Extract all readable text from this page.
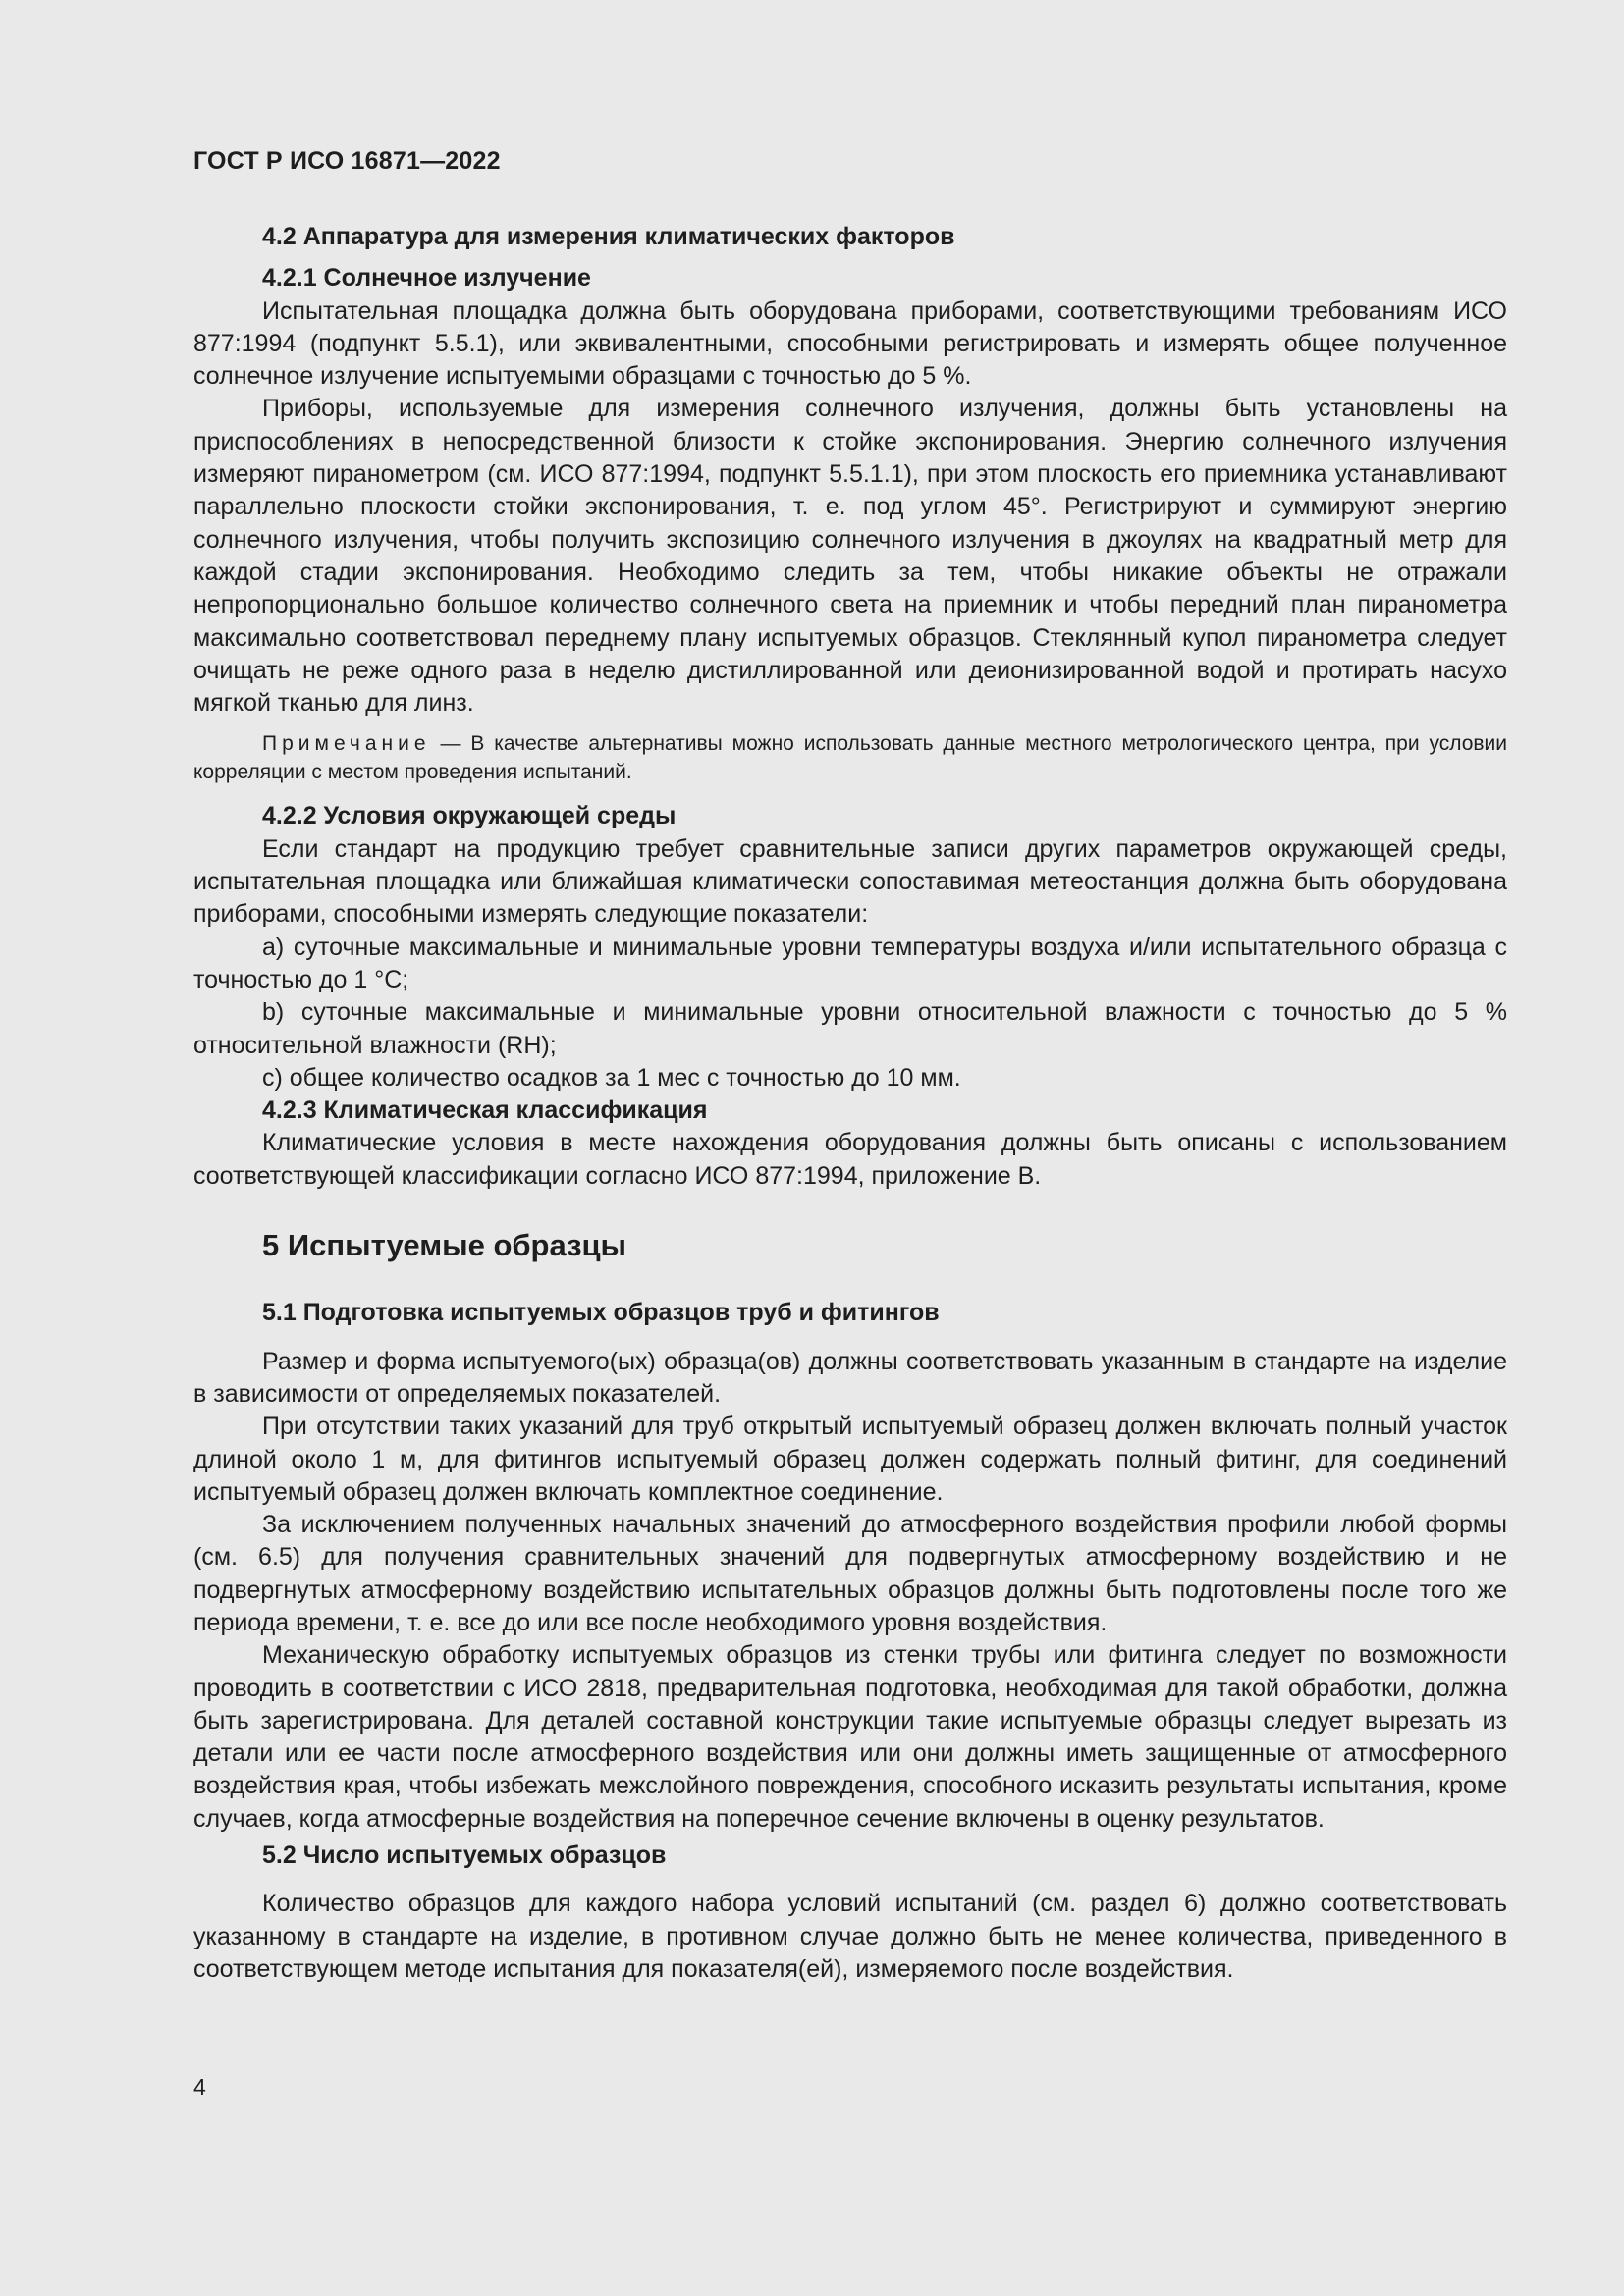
ГОСТ Р ИСО 16871—2022
4.2 Аппаратура для измерения климатических факторов
4.2.1 Солнечное излучение

Испытательная площадка должна быть оборудована приборами, соответствующими требованиям ИСО 877:1994 (подпункт 5.5.1), или эквивалентными, способными регистрировать и измерять общее полученное солнечное излучение испытуемыми образцами с точностью до 5 %.

Приборы, используемые для измерения солнечного излучения, должны быть установлены на приспособлениях в непосредственной близости к стойке экспонирования. Энергию солнечного излучения измеряют пиранометром (см. ИСО 877:1994, подпункт 5.5.1.1), при этом плоскость его приемника устанавливают параллельно плоскости стойки экспонирования, т. е. под углом 45°. Регистрируют и суммируют энергию солнечного излучения, чтобы получить экспозицию солнечного излучения в джоулях на квадратный метр для каждой стадии экспонирования. Необходимо следить за тем, чтобы никакие объекты не отражали непропорционально большое количество солнечного света на приемник и чтобы передний план пиранометра максимально соответствовал переднему плану испытуемых образцов. Стеклянный купол пиранометра следует очищать не реже одного раза в неделю дистиллированной или деионизированной водой и протирать насухо мягкой тканью для линз.

Примечание — В качестве альтернативы можно использовать данные местного метрологического центра, при условии корреляции с местом проведения испытаний.

4.2.2 Условия окружающей среды

Если стандарт на продукцию требует сравнительные записи других параметров окружающей среды, испытательная площадка или ближайшая климатически сопоставимая метеостанция должна быть оборудована приборами, способными измерять следующие показатели:

a) суточные максимальные и минимальные уровни температуры воздуха и/или испытательного образца с точностью до 1 °C;

b) суточные максимальные и минимальные уровни относительной влажности с точностью до 5 % относительной влажности (RH);

c) общее количество осадков за 1 мес с точностью до 10 мм.

4.2.3 Климатическая классификация

Климатические условия в месте нахождения оборудования должны быть описаны с использованием соответствующей классификации согласно ИСО 877:1994, приложение B.

5 Испытуемые образцы
5.1 Подготовка испытуемых образцов труб и фитингов

Размер и форма испытуемого(ых) образца(ов) должны соответствовать указанным в стандарте на изделие в зависимости от определяемых показателей.

При отсутствии таких указаний для труб открытый испытуемый образец должен включать полный участок длиной около 1 м, для фитингов испытуемый образец должен содержать полный фитинг, для соединений испытуемый образец должен включать комплектное соединение.

За исключением полученных начальных значений до атмосферного воздействия профили любой формы (см. 6.5) для получения сравнительных значений для подвергнутых атмосферному воздействию и не подвергнутых атмосферному воздействию испытательных образцов должны быть подготовлены после того же периода времени, т. е. все до или все после необходимого уровня воздействия.

Механическую обработку испытуемых образцов из стенки трубы или фитинга следует по возможности проводить в соответствии с ИСО 2818, предварительная подготовка, необходимая для такой обработки, должна быть зарегистрирована. Для деталей составной конструкции такие испытуемые образцы следует вырезать из детали или ее части после атмосферного воздействия или они должны иметь защищенные от атмосферного воздействия края, чтобы избежать межслойного повреждения, способного исказить результаты испытания, кроме случаев, когда атмосферные воздействия на поперечное сечение включены в оценку результатов.

5.2 Число испытуемых образцов

Количество образцов для каждого набора условий испытаний (см. раздел 6) должно соответствовать указанному в стандарте на изделие, в противном случае должно быть не менее количества, приведенного в соответствующем методе испытания для показателя(ей), измеряемого после воздействия.

4
